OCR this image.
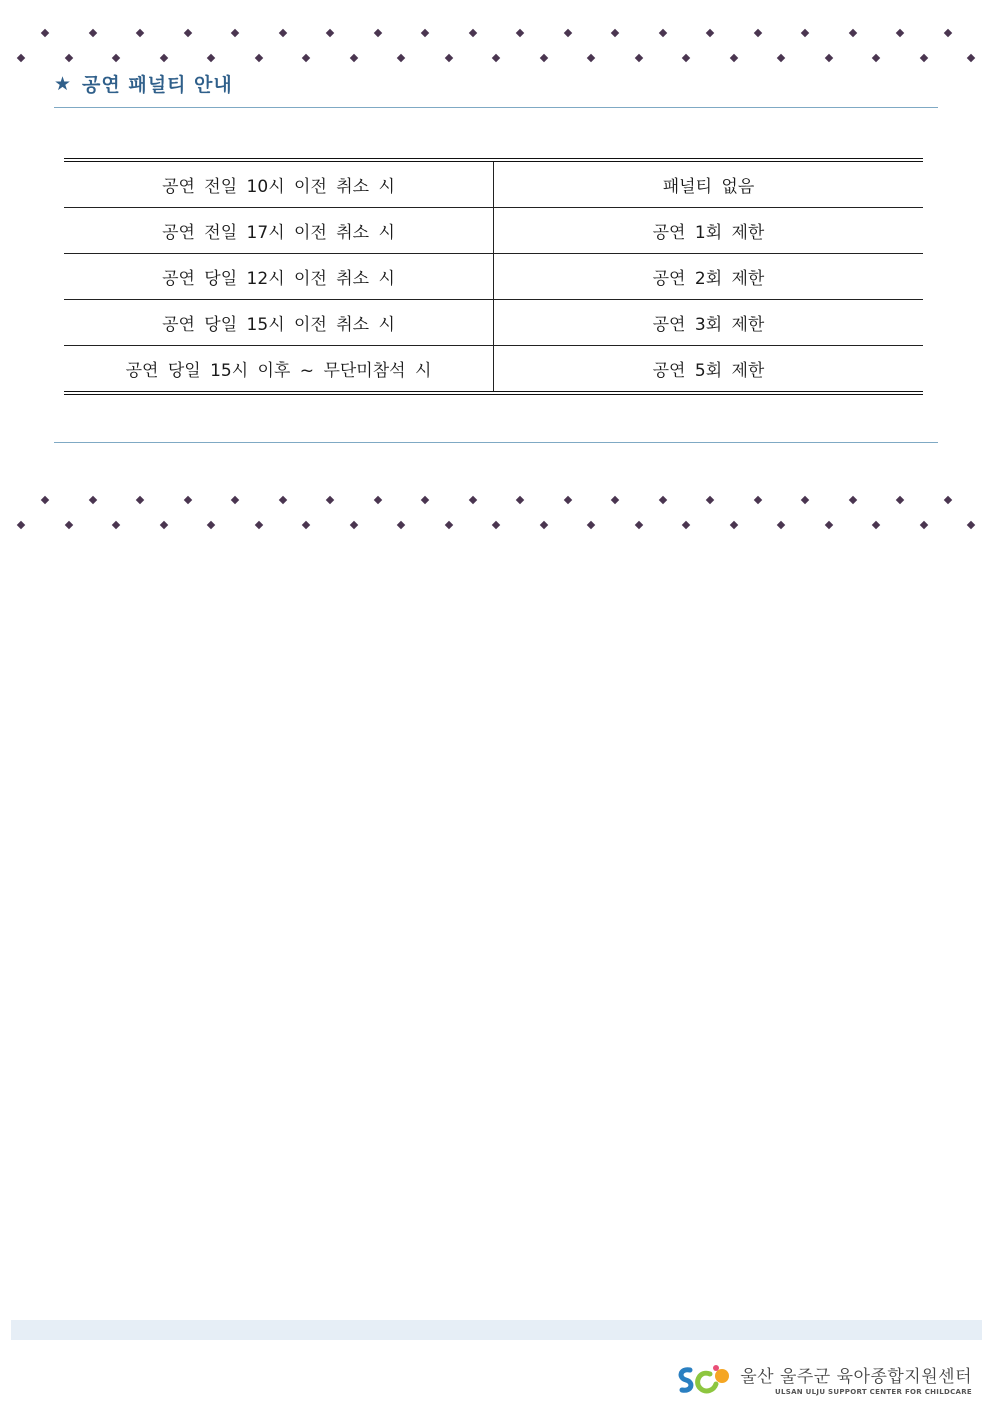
★ 공연 패널티 안내
공연 전일 10시 이전 취소 시	패널티 없음
공연 전일 17시 이전 취소 시	공연 1회 제한
공연 당일 12시 이전 취소 시	공연 2회 제한
공연 당일 15시 이전 취소 시	공연 3회 제한
공연 당일 15시 이후 ~ 무단미참석 시	공연 5회 제한
울산 울주군 육아종합지원센터
ULSAN ULJU SUPPORT CENTER FOR CHILDCARE
